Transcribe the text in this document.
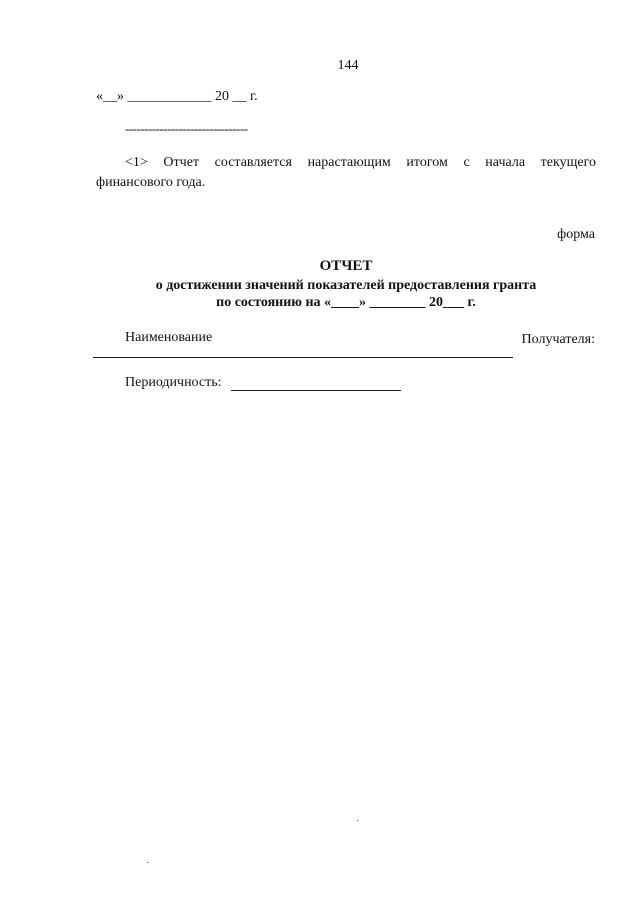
144
«__» ____________ 20 __ г.
--------------------------------
<1> Отчет составляется нарастающим итогом с начала текущего
финансового года.
форма
ОТЧЕТ
о достижении значений показателей предоставления гранта
по состоянию на «____» ________ 20___ г.
Наименование	Получателя:
Периодичность:
